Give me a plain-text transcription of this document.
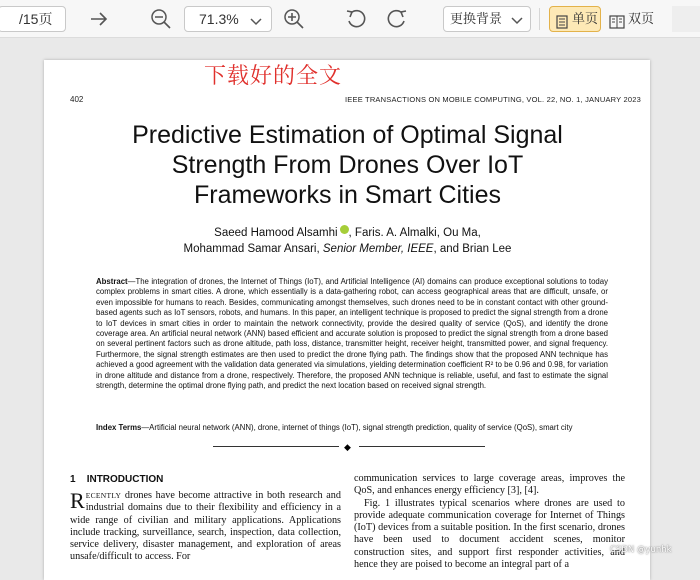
/15页	71.3%	更换背景	单页	双页
下载好的全文
402	IEEE TRANSACTIONS ON MOBILE COMPUTING, VOL. 22, NO. 1, JANUARY 2023
Predictive Estimation of Optimal Signal
Strength From Drones Over IoT
Frameworks in Smart Cities
Saeed Hamood Alsamhi , Faris. A. Almalki, Ou Ma,
Mohammad Samar Ansari, Senior Member, IEEE, and Brian Lee
Abstract—The integration of drones, the Internet of Things (IoT), and Artificial Intelligence (AI) domains can produce exceptional solutions to today complex problems in smart cities. A drone, which essentially is a data-gathering robot, can access geographical areas that are difficult, unsafe, or even impossible for humans to reach. Besides, communicating amongst themselves, such drones need to be in constant contact with other ground-based agents such as IoT sensors, robots, and humans. In this paper, an intelligent technique is proposed to predict the signal strength from a drone to IoT devices in smart cities in order to maintain the network connectivity, provide the desired quality of service (QoS), and identify the drone coverage area. An artificial neural network (ANN) based efficient and accurate solution is proposed to predict the signal strength from a drone based on several pertinent factors such as drone altitude, path loss, distance, transmitter height, receiver height, transmitted power, and signal frequency. Furthermore, the signal strength estimates are then used to predict the drone flying path. The findings show that the proposed ANN technique has achieved a good agreement with the validation data generated via simulations, yielding determination coefficient R² to be 0.96 and 0.98, for variation in drone altitude and distance from a drone, respectively. Therefore, the proposed ANN technique is reliable, useful, and fast to estimate the signal strength, determine the optimal drone flying path, and predict the next location based on received signal strength.
Index Terms—Artificial neural network (ANN), drone, internet of things (IoT), signal strength prediction, quality of service (QoS), smart city
◆
1 INTRODUCTION
RECENTLY drones have become attractive in both research and industrial domains due to their flexibility and efficiency in a wide range of civilian and military applications. Applications include tracking, surveillance, search, inspection, data collection, service delivery, disaster management, and exploration of areas unsafe/difficult to access. For
communication services to large coverage areas, improves the QoS, and enhances energy efficiency [3], [4].
Fig. 1 illustrates typical scenarios where drones are used to provide adequate communication coverage for Internet of Things (IoT) devices from a suitable position. In the first scenario, drones have been used to document accident scenes, monitor construction sites, and support first responder activities, and hence they are poised to become an integral part of a
CSDN @yunhk
